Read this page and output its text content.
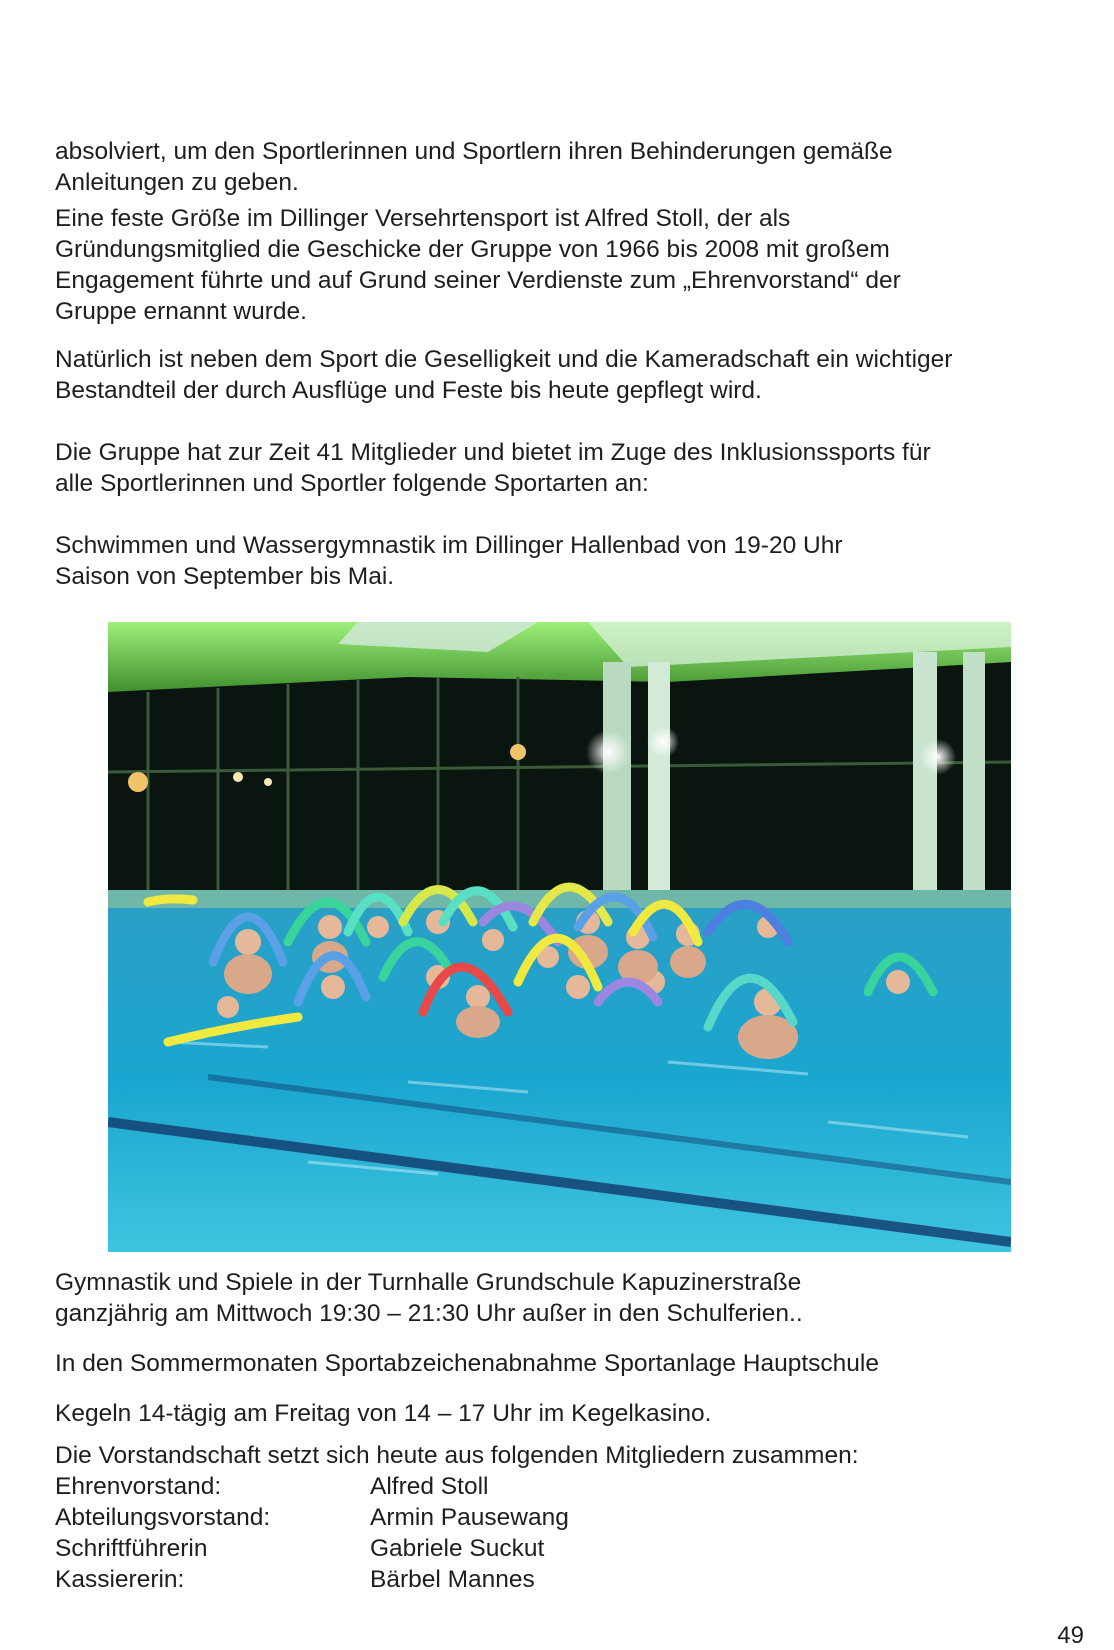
absolviert, um den Sportlerinnen und Sportlern ihren Behinderungen gemäße
Anleitungen zu geben.

Eine feste Größe im Dillinger Versehrtensport ist Alfred Stoll, der als
Gründungsmitglied die Geschicke der Gruppe von 1966 bis 2008 mit großem
Engagement führte und auf Grund seiner Verdienste zum „Ehrenvorstand“ der
Gruppe ernannt wurde.

Natürlich ist neben dem Sport die Geselligkeit und die Kameradschaft ein wichtiger
Bestandteil der durch Ausflüge und Feste bis heute gepflegt wird.

Die Gruppe hat zur Zeit 41 Mitglieder und bietet im Zuge des Inklusionssports für
alle Sportlerinnen und Sportler folgende Sportarten an:

Schwimmen und Wassergymnastik im Dillinger Hallenbad von 19-20 Uhr
Saison von September bis Mai.

Gymnastik und Spiele in der Turnhalle Grundschule Kapuzinerstraße
ganzjährig am Mittwoch 19:30 – 21:30 Uhr außer in den Schulferien..

In den Sommermonaten Sportabzeichenabnahme Sportanlage Hauptschule

Kegeln 14-tägig am Freitag von 14 – 17 Uhr im Kegelkasino.

Die Vorstandschaft setzt sich heute aus folgenden Mitgliedern zusammen:

Ehrenvorstand:	Alfred Stoll
Abteilungsvorstand:	Armin Pausewang
Schriftführerin	Gabriele Suckut
Kassiererin:	Bärbel Mannes
49
